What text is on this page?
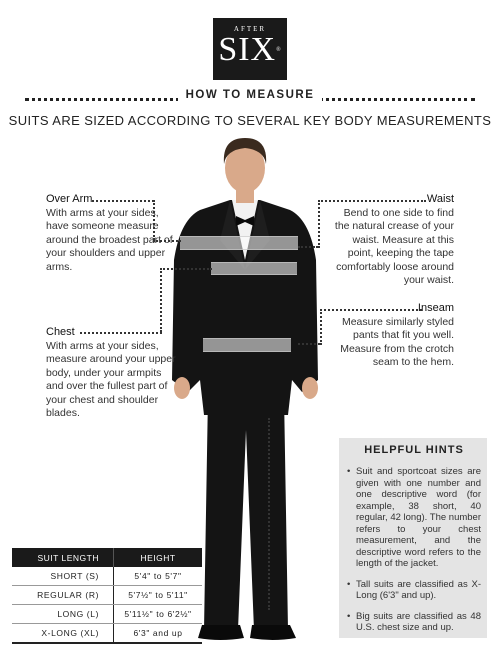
AFTER
SIX®
HOW TO MEASURE
SUITS ARE SIZED ACCORDING TO SEVERAL KEY BODY MEASUREMENTS
Over Arm
With arms at your sides, have someone measure around the broadest part of your shoulders and upper arms.
Chest
With arms at your sides, measure around your upper body, under your armpits and over the fullest part of your chest and shoulder blades.
Waist
Bend to one side to find the natural crease of your waist. Measure at this point, keeping the tape comfortably loose around your waist.
Inseam
Measure similarly styled pants that fit you well. Measure from the crotch seam to the hem.
HELPFUL HINTS
• Suit and sportcoat sizes are given with one number and one descriptive word (for example, 38 short, 40 regular, 42 long). The number refers to your chest measurement, and the descriptive word refers to the length of the jacket.
• Tall suits are classified as X-Long (6'3" and up).
• Big suits are classified as 48 U.S. chest size and up.
SUIT LENGTH	HEIGHT
SHORT (S)	5'4" to 5'7"
REGULAR (R)	5'7½" to 5'11"
LONG (L)	5'11½" to 6'2½"
X-LONG (XL)	6'3" and up
